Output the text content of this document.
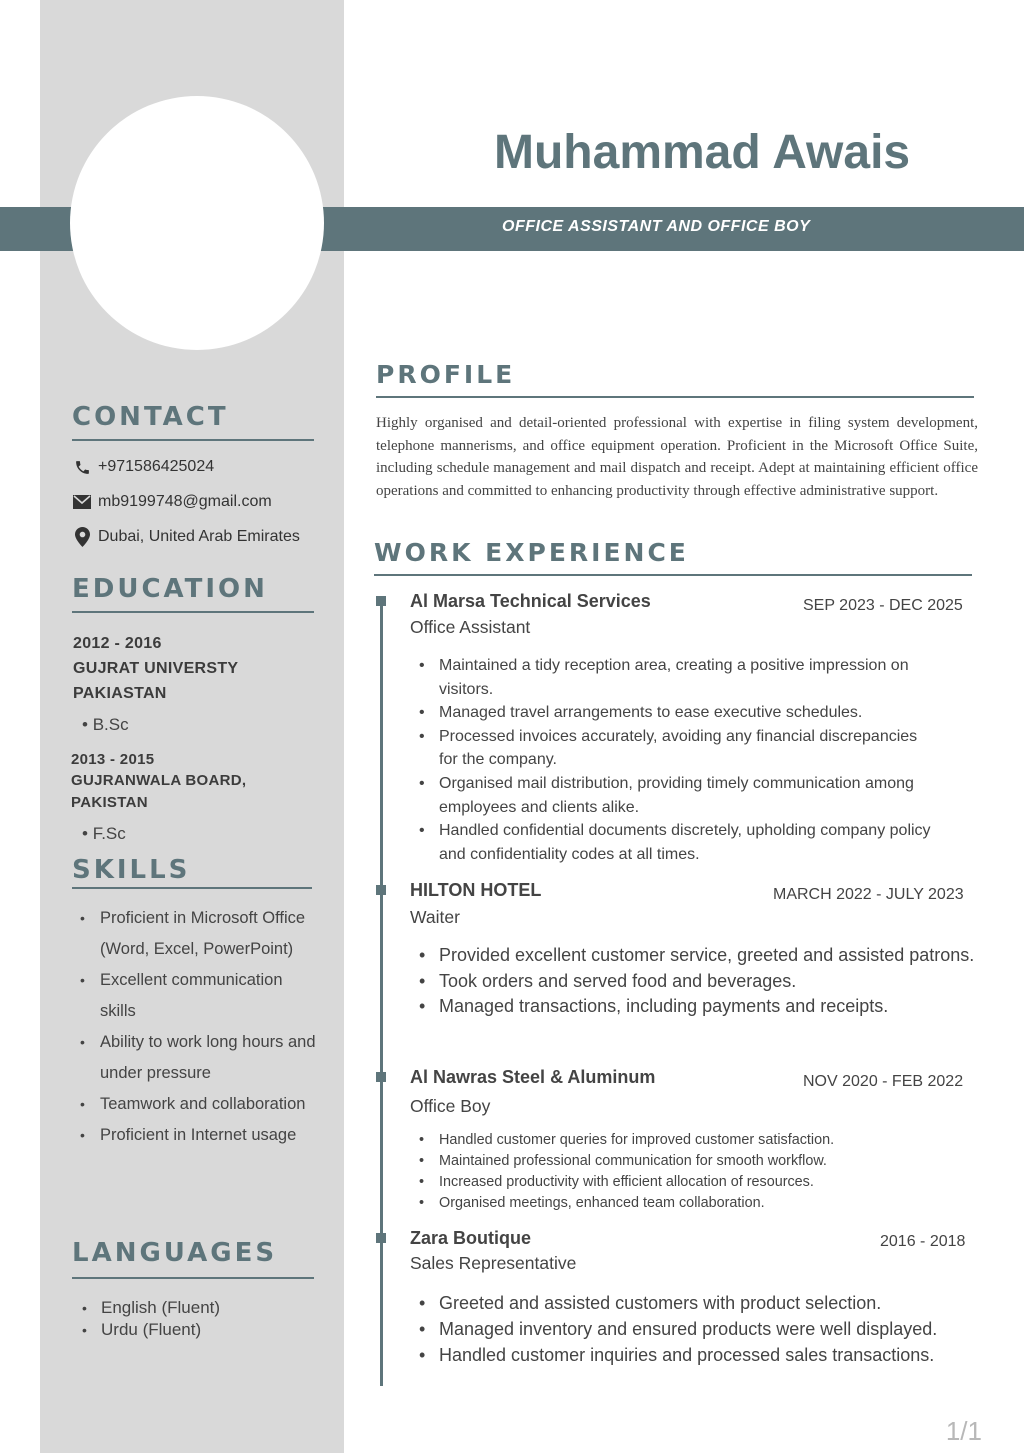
Muhammad Awais
OFFICE ASSISTANT AND OFFICE BOY
CONTACT
+971586425024
mb9199748@gmail.com
Dubai, United Arab Emirates
EDUCATION
2012 - 2016
GUJRAT UNIVERSTY
PAKIASTAN
• B.Sc
2013 - 2015
GUJRANWALA BOARD,
PAKISTAN
• F.Sc
SKILLS
• Proficient in Microsoft Office (Word, Excel, PowerPoint)
• Excellent communication skills
• Ability to work long hours and under pressure
• Teamwork and collaboration
• Proficient in Internet usage
LANGUAGES
• English (Fluent)
• Urdu (Fluent)
PROFILE

Highly organised and detail-oriented professional with expertise in filing system development, telephone mannerisms, and office equipment operation. Proficient in the Microsoft Office Suite, including schedule management and mail dispatch and receipt. Adept at maintaining efficient office operations and committed to enhancing productivity through effective administrative support.

WORK EXPERIENCE
Al Marsa Technical Services	SEP 2023 - DEC 2025
Office Assistant
• Maintained a tidy reception area, creating a positive impression on visitors.
• Managed travel arrangements to ease executive schedules.
• Processed invoices accurately, avoiding any financial discrepancies for the company.
• Organised mail distribution, providing timely communication among employees and clients alike.
• Handled confidential documents discretely, upholding company policy and confidentiality codes at all times.
HILTON HOTEL	MARCH 2022 - JULY 2023
Waiter
• Provided excellent customer service, greeted and assisted patrons.
• Took orders and served food and beverages.
• Managed transactions, including payments and receipts.
Al Nawras Steel & Aluminum	NOV 2020 - FEB 2022
Office Boy
• Handled customer queries for improved customer satisfaction.
• Maintained professional communication for smooth workflow.
• Increased productivity with efficient allocation of resources.
• Organised meetings, enhanced team collaboration.
Zara Boutique	2016 - 2018
Sales Representative
• Greeted and assisted customers with product selection.
• Managed inventory and ensured products were well displayed.
• Handled customer inquiries and processed sales transactions.
1/1
